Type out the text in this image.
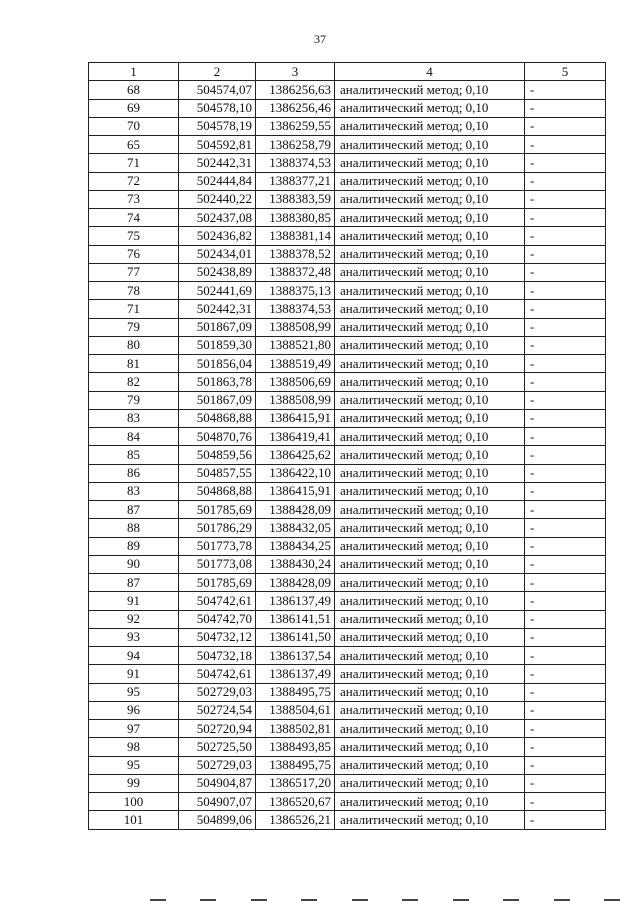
37
1	2	3	4	5
68	504574,07	1386256,63	аналитический метод; 0,10	-
69	504578,10	1386256,46	аналитический метод; 0,10	-
70	504578,19	1386259,55	аналитический метод; 0,10	-
65	504592,81	1386258,79	аналитический метод; 0,10	-
71	502442,31	1388374,53	аналитический метод; 0,10	-
72	502444,84	1388377,21	аналитический метод; 0,10	-
73	502440,22	1388383,59	аналитический метод; 0,10	-
74	502437,08	1388380,85	аналитический метод; 0,10	-
75	502436,82	1388381,14	аналитический метод; 0,10	-
76	502434,01	1388378,52	аналитический метод; 0,10	-
77	502438,89	1388372,48	аналитический метод; 0,10	-
78	502441,69	1388375,13	аналитический метод; 0,10	-
71	502442,31	1388374,53	аналитический метод; 0,10	-
79	501867,09	1388508,99	аналитический метод; 0,10	-
80	501859,30	1388521,80	аналитический метод; 0,10	-
81	501856,04	1388519,49	аналитический метод; 0,10	-
82	501863,78	1388506,69	аналитический метод; 0,10	-
79	501867,09	1388508,99	аналитический метод; 0,10	-
83	504868,88	1386415,91	аналитический метод; 0,10	-
84	504870,76	1386419,41	аналитический метод; 0,10	-
85	504859,56	1386425,62	аналитический метод; 0,10	-
86	504857,55	1386422,10	аналитический метод; 0,10	-
83	504868,88	1386415,91	аналитический метод; 0,10	-
87	501785,69	1388428,09	аналитический метод; 0,10	-
88	501786,29	1388432,05	аналитический метод; 0,10	-
89	501773,78	1388434,25	аналитический метод; 0,10	-
90	501773,08	1388430,24	аналитический метод; 0,10	-
87	501785,69	1388428,09	аналитический метод; 0,10	-
91	504742,61	1386137,49	аналитический метод; 0,10	-
92	504742,70	1386141,51	аналитический метод; 0,10	-
93	504732,12	1386141,50	аналитический метод; 0,10	-
94	504732,18	1386137,54	аналитический метод; 0,10	-
91	504742,61	1386137,49	аналитический метод; 0,10	-
95	502729,03	1388495,75	аналитический метод; 0,10	-
96	502724,54	1388504,61	аналитический метод; 0,10	-
97	502720,94	1388502,81	аналитический метод; 0,10	-
98	502725,50	1388493,85	аналитический метод; 0,10	-
95	502729,03	1388495,75	аналитический метод; 0,10	-
99	504904,87	1386517,20	аналитический метод; 0,10	-
100	504907,07	1386520,67	аналитический метод; 0,10	-
101	504899,06	1386526,21	аналитический метод; 0,10	-
